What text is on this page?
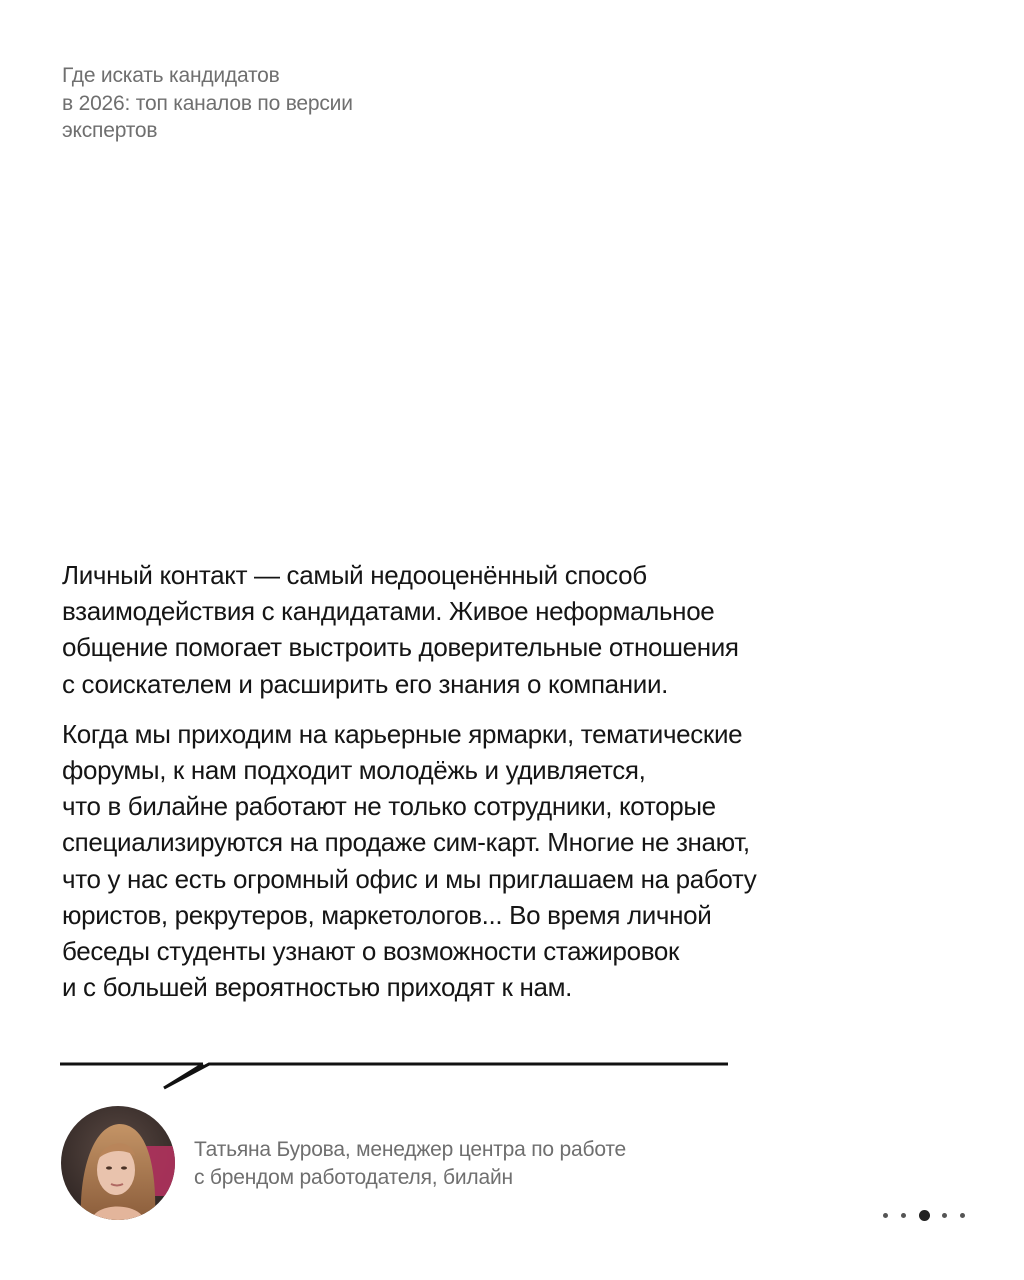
Где искать кандидатов
в 2026: топ каналов по версии
экспертов

Личный контакт — самый недооценённый способ
взаимодействия с кандидатами. Живое неформальное
общение помогает выстроить доверительные отношения
с соискателем и расширить его знания о компании.

Когда мы приходим на карьерные ярмарки, тематические
форумы, к нам подходит молодёжь и удивляется,
что в билайне работают не только сотрудники, которые
специализируются на продаже сим-карт. Многие не знают,
что у нас есть огромный офис и мы приглашаем на работу
юристов, рекрутеров, маркетологов... Во время личной
беседы студенты узнают о возможности стажировок
и с большей вероятностью приходят к нам.

Татьяна Бурова, менеджер центра по работе
с брендом работодателя, билайн
